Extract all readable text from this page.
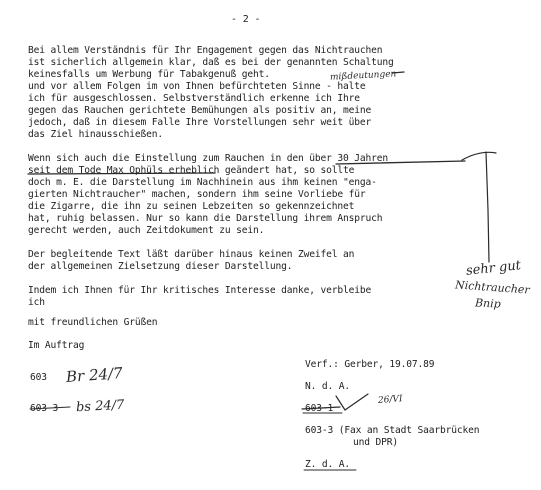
- 2 -
Bei allem Verständnis für Ihr Engagement gegen das Nichtrauchen
ist sicherlich allgemein klar, daß es bei der genannten Schaltung
keinesfalls um Werbung für Tabakgenuß geht.
und vor allem Folgen im von Ihnen befürchteten Sinne - halte
ich für ausgeschlossen. Selbstverständlich erkenne ich Ihre
gegen das Rauchen gerichtete Bemühungen als positiv an, meine
jedoch, daß in diesem Falle Ihre Vorstellungen sehr weit über
das Ziel hinausschießen.
Wenn sich auch die Einstellung zum Rauchen in den über 30 Jahren
seit dem Tode Max Ophüls erheblich geändert hat, so sollte
doch m. E. die Darstellung im Nachhinein aus ihm keinen "enga-
gierten Nichtraucher" machen, sondern ihm seine Vorliebe für
die Zigarre, die ihn zu seinen Lebzeiten so gekennzeichnet
hat, ruhig belassen. Nur so kann die Darstellung ihrem Anspruch
gerecht werden, auch Zeitdokument zu sein.
Der begleitende Text läßt darüber hinaus keinen Zweifel an
der allgemeinen Zielsetzung dieser Darstellung.
Indem ich Ihnen für Ihr kritisches Interesse danke, verbleibe
ich
mit freundlichen Grüßen
Im Auftrag
603
603-3
Verf.: Gerber, 19.07.89
N. d. A.
603-1
603-3 (Fax an Stadt Saarbrücken
und DPR)
Z. d. A.
mißdeutungen
sehr gut
Nichtraucher
Bnip
Br 24/7
bs 24/7	26/VI
